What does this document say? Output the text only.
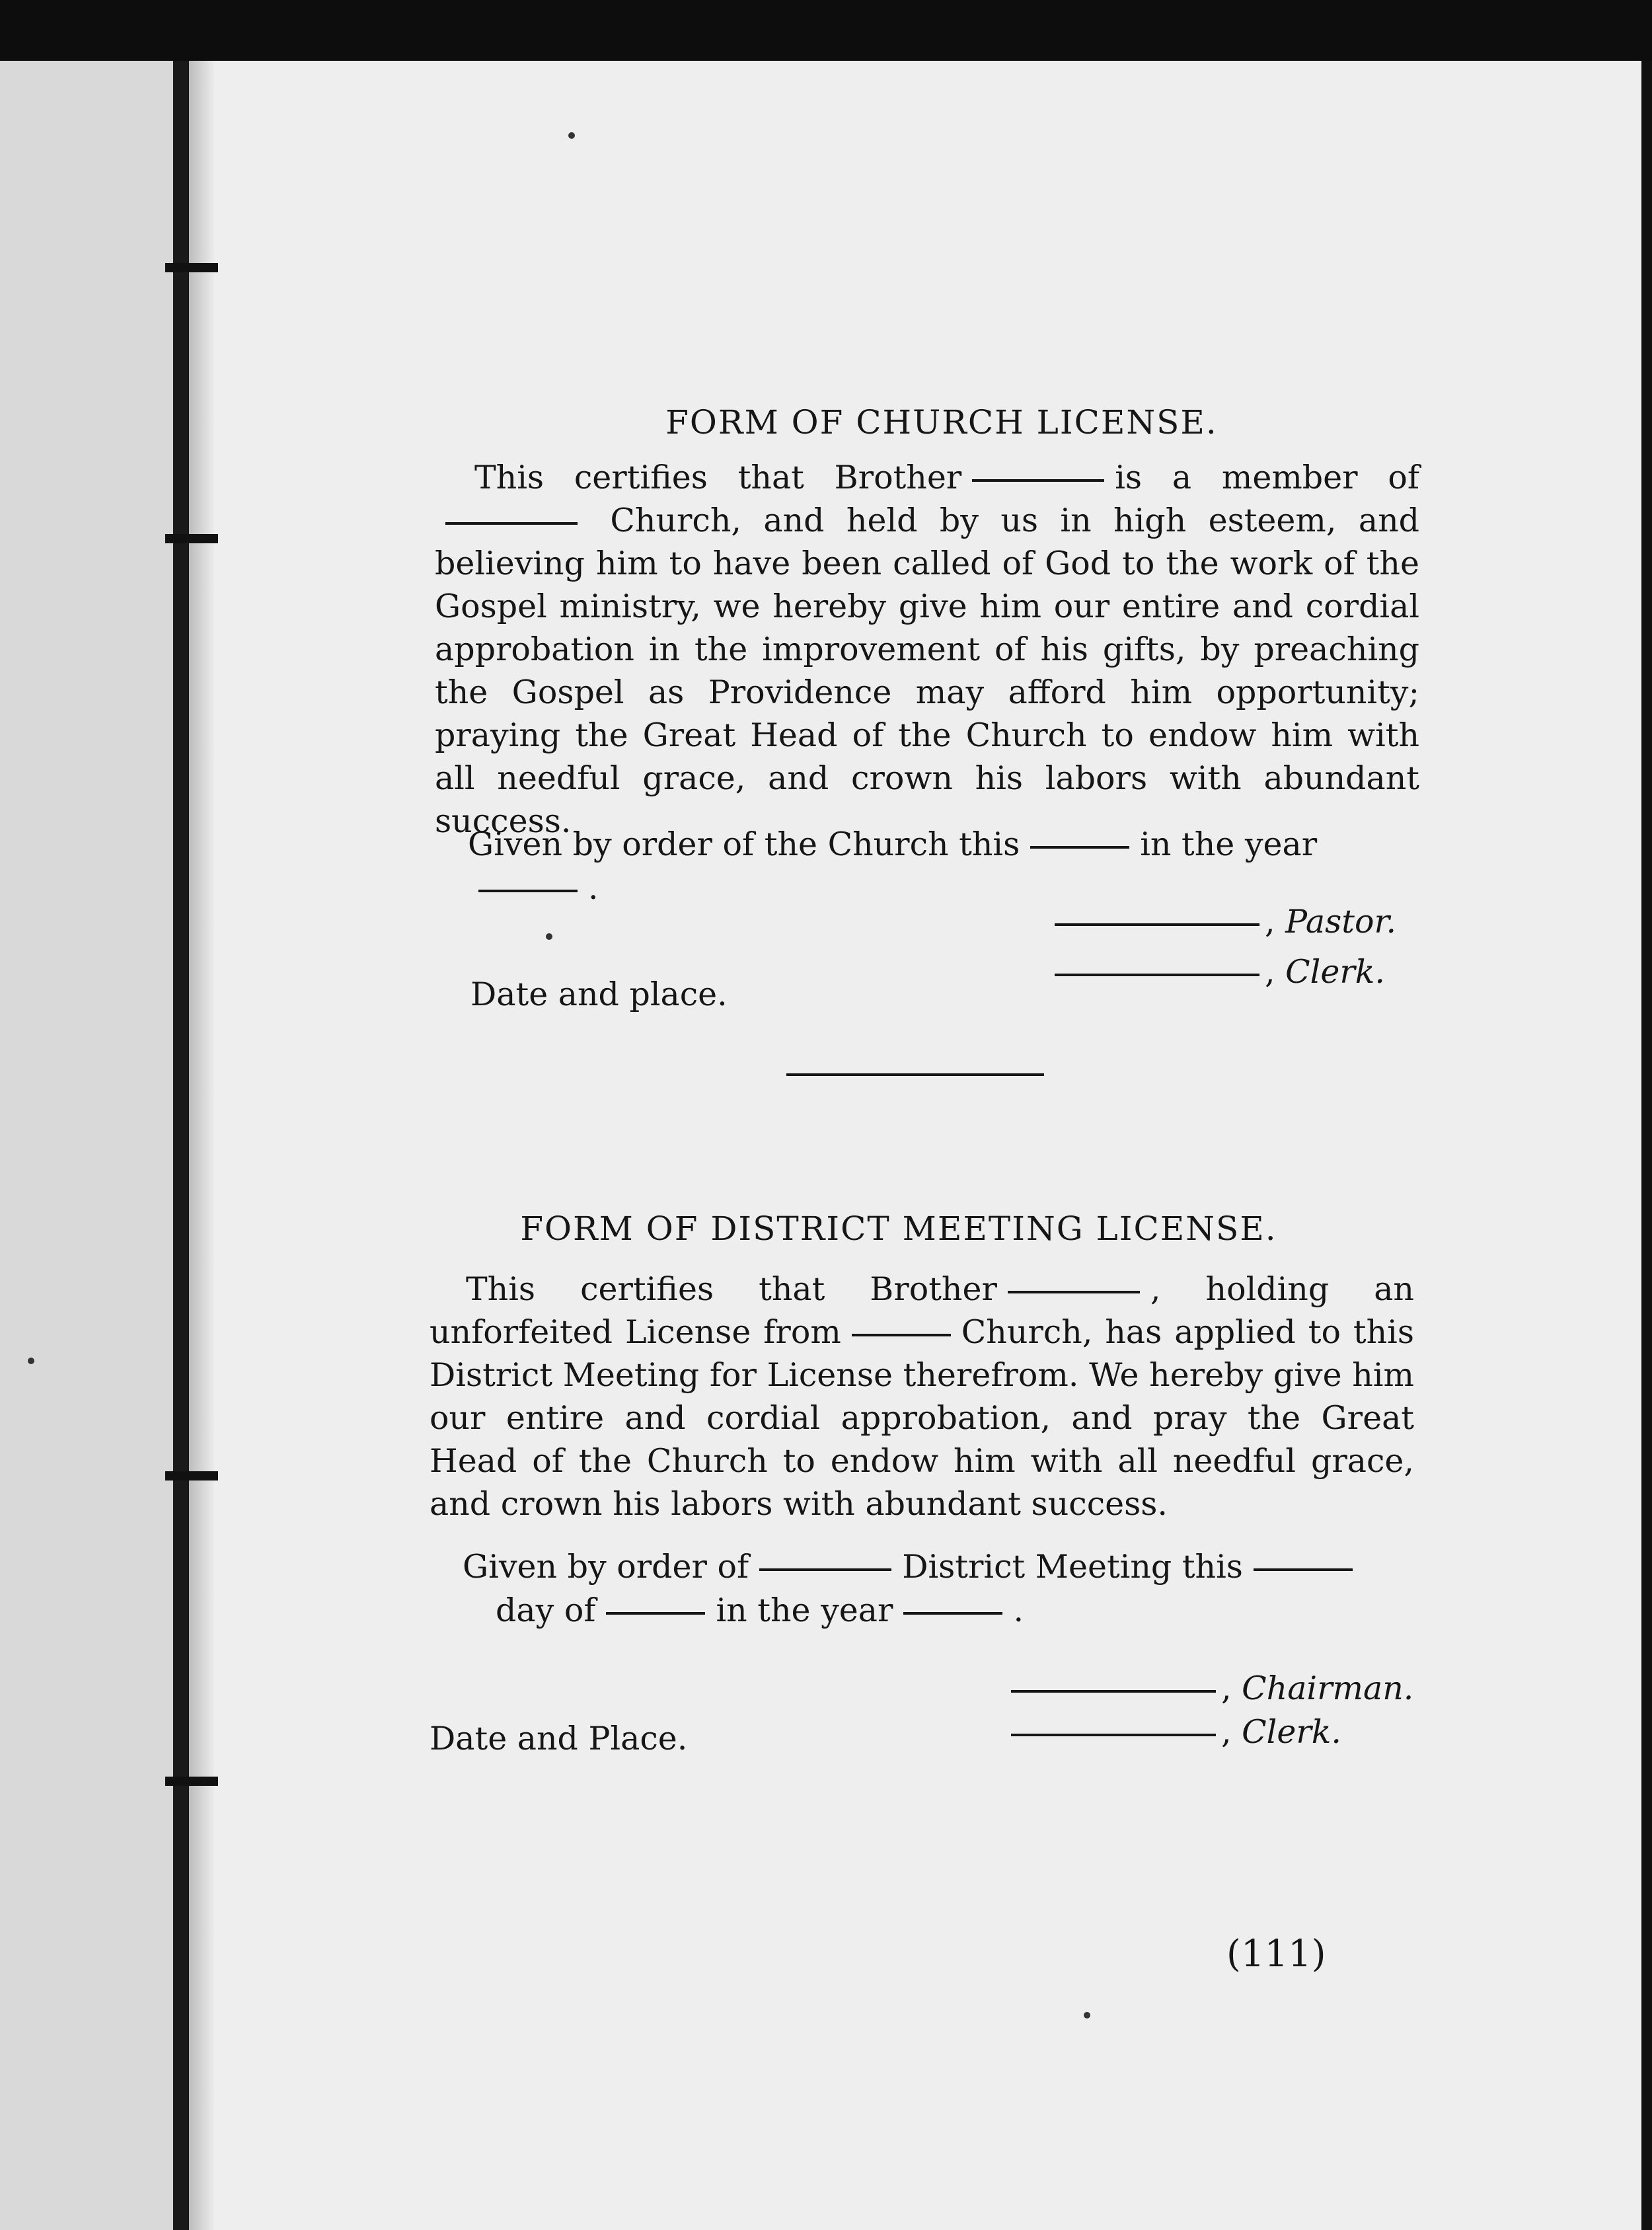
FORM OF CHURCH LICENSE.

This certifies that Brother	is a member of Church, and held by us in high esteem, and believing him to have been called of God to the work of the Gospel ministry, we hereby give him our entire and cordial approbation in the improvement of his gifts, by preaching the Gospel as Providence may afford him opportunity; praying the Great Head of the Church to endow him with all needful grace, and crown his labors with abundant success.

Given by order of the Church this	in the year.

, Pastor.
, Clerk.

Date and place.

FORM OF DISTRICT MEETING LICENSE.

This certifies that Brother	, holding an unforfeited License from	Church, has applied to this District Meeting for License therefrom. We hereby give him our entire and cordial approbation, and pray the Great Head of the Church to endow him with all needful grace, and crown his labors with abundant success.

Given by order of	District Meeting this
day of	in the year	.

, Chairman.
, Clerk.

Date and Place.

(111)
